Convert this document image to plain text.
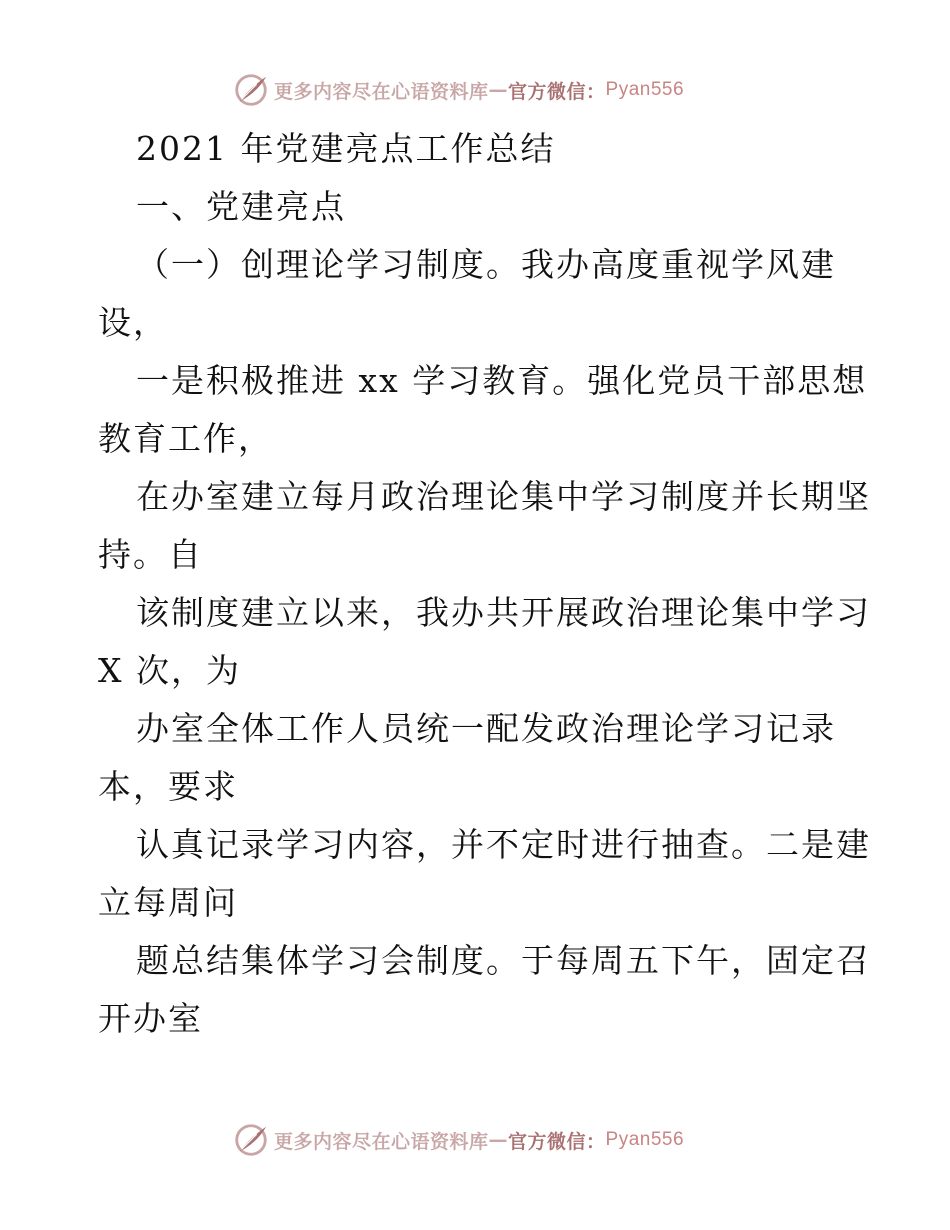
更多内容尽在心语资料库 — 官方微信： Pyan556
2021 年党建亮点工作总结
一、党建亮点
（一）创理论学习制度。我办高度重视学风建
设，
一是积极推进 xx 学习教育。强化党员干部思想
教育工作，
在办室建立每月政治理论集中学习制度并长期坚
持。自
该制度建立以来，我办共开展政治理论集中学习
X 次，为
办室全体工作人员统一配发政治理论学习记录
本，要求
认真记录学习内容，并不定时进行抽查。二是建
立每周问
题总结集体学习会制度。于每周五下午，固定召
开办室
更多内容尽在心语资料库 — 官方微信： Pyan556
